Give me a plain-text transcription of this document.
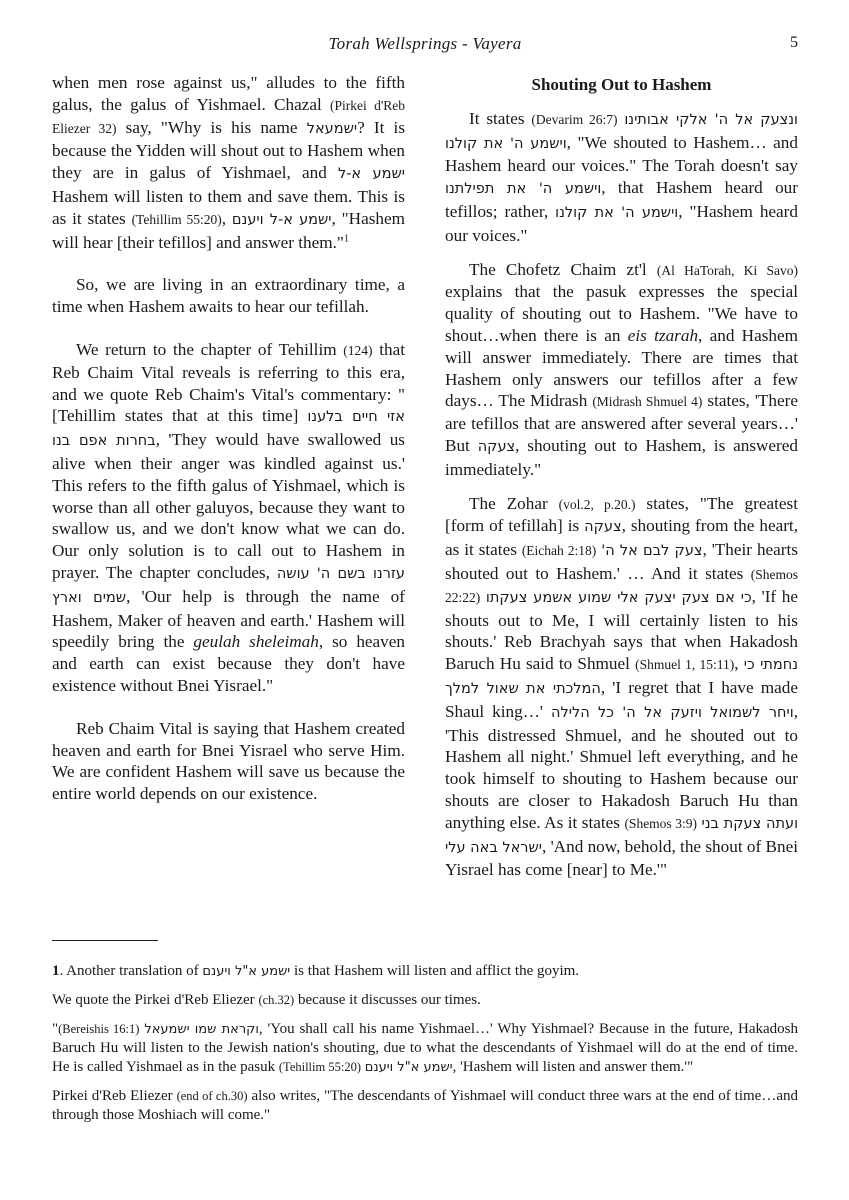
Torah Wellsprings - Vayera	5

when men rose against us," alludes to the fifth galus, the galus of Yishmael. Chazal (Pirkei d'Reb Eliezer 32) say, "Why is his name ישמעאל? It is because the Yidden will shout out to Hashem when they are in galus of Yishmael, and ישמע א-ל Hashem will listen to them and save them. This is as it states (Tehillim 55:20), ישמע א-ל ויענם, "Hashem will hear [their tefillos] and answer them."$^1$

So, we are living in an extraordinary time, a time when Hashem awaits to hear our tefillah.

We return to the chapter of Tehillim (124) that Reb Chaim Vital reveals is referring to this era, and we quote Reb Chaim's Vital's commentary: "[Tehillim states that at this time] אזי חיים בלענו בחרות אפם בנו, 'They would have swallowed us alive when their anger was kindled against us.' This refers to the fifth galus of Yishmael, which is worse than all other galuyos, because they want to swallow us, and we don't know what we can do. Our only solution is to call out to Hashem in prayer. The chapter concludes, עזרנו בשם ה' עושה שמים וארץ, 'Our help is through the name of Hashem, Maker of heaven and earth.' Hashem will speedily bring the geulah sheleimah, so heaven and earth can exist because they don't have existence without Bnei Yisrael."

Reb Chaim Vital is saying that Hashem created heaven and earth for Bnei Yisrael who serve Him. We are confident Hashem will save us because the entire world depends on our existence.

Shouting Out to Hashem

It states (Devarim 26:7) ונצעק אל ה' אלקי אבותינו וישמע ה' את קולנו, "We shouted to Hashem… and Hashem heard our voices." The Torah doesn't say וישמע ה' את תפילתנו, that Hashem heard our tefillos; rather, וישמע ה' את קולנו, "Hashem heard our voices."

The Chofetz Chaim zt'l (Al HaTorah, Ki Savo) explains that the pasuk expresses the special quality of shouting out to Hashem. "We have to shout…when there is an eis tzarah, and Hashem will answer immediately. There are times that Hashem only answers our tefillos after a few days… The Midrash (Midrash Shmuel 4) states, 'There are tefillos that are answered after several years…' But צעקה, shouting out to Hashem, is answered immediately."

The Zohar (vol.2, p.20.) states, "The greatest [form of tefillah] is צעקה, shouting from the heart, as it states (Eichah 2:18) צעק לבם אל ה', 'Their hearts shouted out to Hashem.' … And it states (Shemos 22:22) כי אם צעק יצעק אלי שמוע אשמע צעקתו, 'If he shouts out to Me, I will certainly listen to his shouts.' Reb Brachyah says that when Hakadosh Baruch Hu said to Shmuel (Shmuel 1, 15:11), נחמתי כי המלכתי את שאול למלך, 'I regret that I have made Shaul king…' ויחר לשמואל ויזעק אל ה' כל הלילה, 'This distressed Shmuel, and he shouted out to Hashem all night.' Shmuel left everything, and he took himself to shouting to Hashem because our shouts are closer to Hakadosh Baruch Hu than anything else. As it states (Shemos 3:9) ועתה צעקת בני ישראל באה עלי, 'And now, behold, the shout of Bnei Yisrael has come [near] to Me.'"

1. Another translation of ישמע א"ל ויענם is that Hashem will listen and afflict the goyim.

We quote the Pirkei d'Reb Eliezer (ch.32) because it discusses our times.

"(Bereishis 16:1) וקראת שמו ישמעאל, 'You shall call his name Yishmael…' Why Yishmael? Because in the future, Hakadosh Baruch Hu will listen to the Jewish nation's shouting, due to what the descendants of Yishmael will do at the end of time. He is called Yishmael as in the pasuk (Tehillim 55:20) ישמע א"ל ויענם, 'Hashem will listen and answer them.'"

Pirkei d'Reb Eliezer (end of ch.30) also writes, "The descendants of Yishmael will conduct three wars at the end of time…and through those Moshiach will come."
